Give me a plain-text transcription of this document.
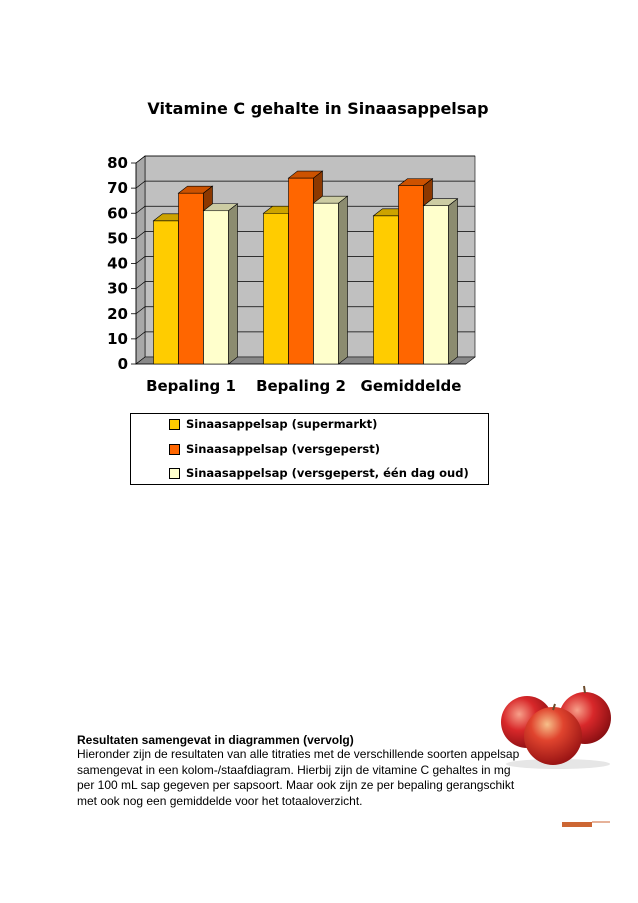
Vitamine C gehalte in Sinaasappelsap
0
10
20
30
40
50
60
70
80
Bepaling 1 Bepaling 2 Gemiddelde
Sinaasappelsap (supermarkt)
Sinaasappelsap (versgeperst)
Sinaasappelsap (versgeperst, één dag oud)
Resultaten samengevat in diagrammen (vervolg)
Hieronder zijn de resultaten van alle titraties met de verschillende soorten appelsap
samengevat in een kolom-/staafdiagram. Hierbij zijn de vitamine C gehaltes in mg
per 100 mL sap gegeven per sapsoort. Maar ook zijn ze per bepaling gerangschikt
met ook nog een gemiddelde voor het totaaloverzicht.
